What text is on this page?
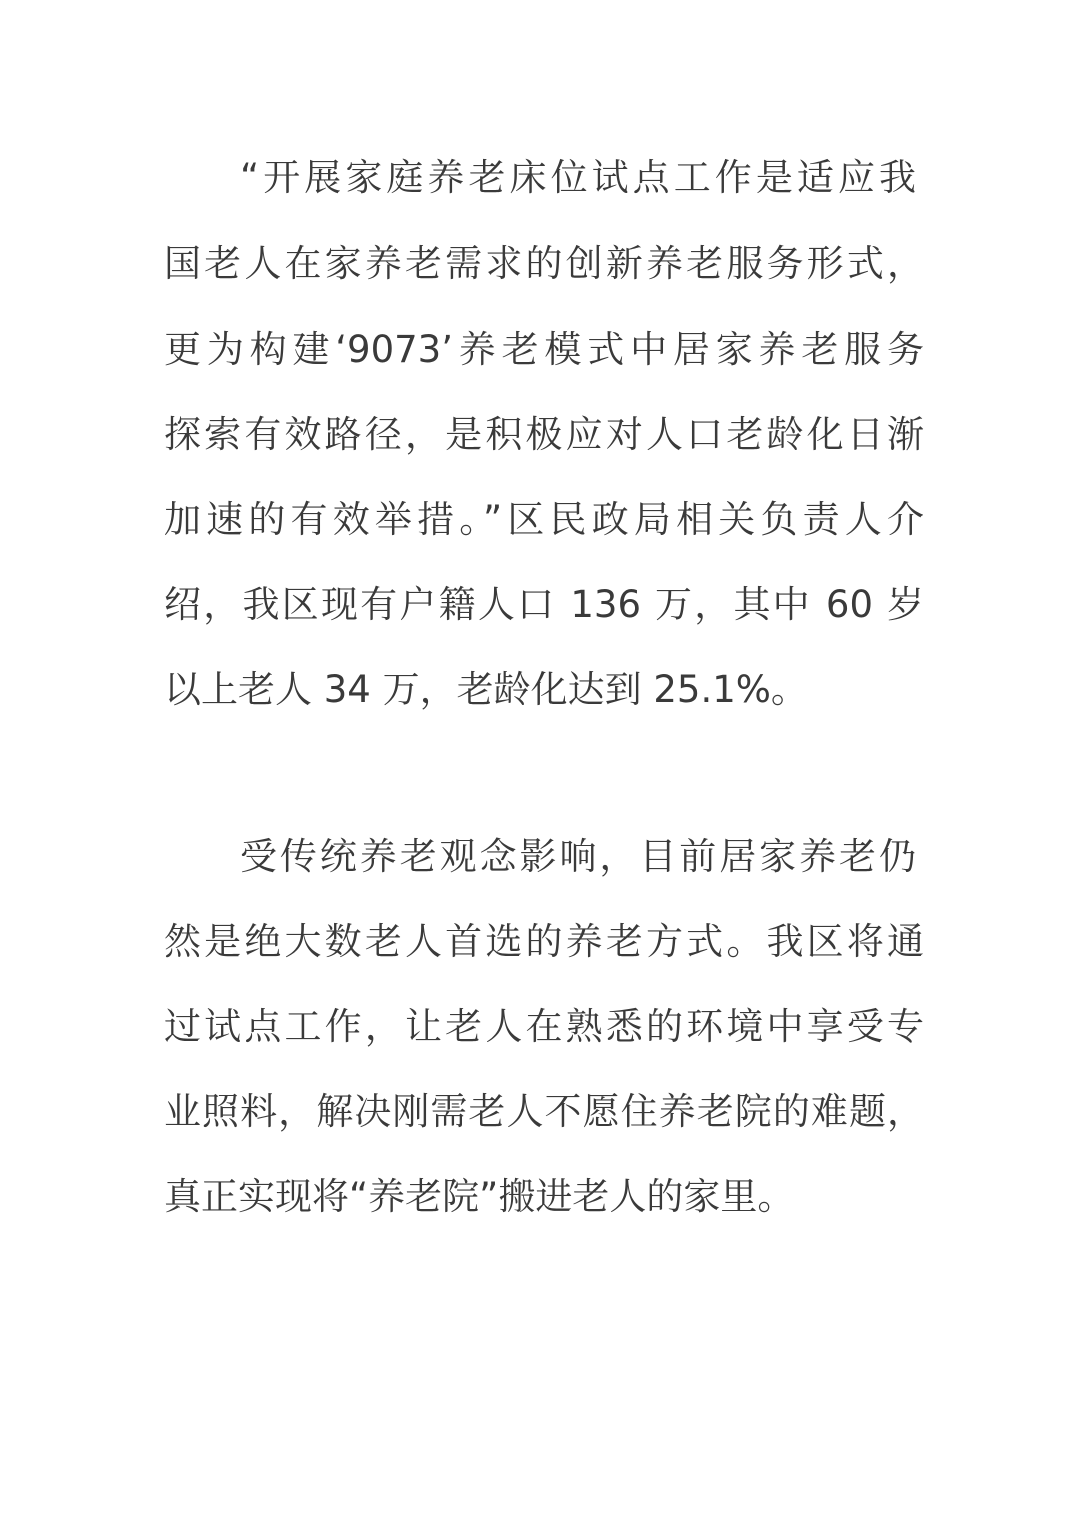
“开展家庭养老床位试点工作是适应我
国老人在家养老需求的创新养老服务形式，
更为构建‘9073’养老模式中居家养老服务
探索有效路径，是积极应对人口老龄化日渐
加速的有效举措。”区民政局相关负责人介
绍，我区现有户籍人口 136 万，其中 60 岁
以上老人 34 万，老龄化达到 25.1%。
受传统养老观念影响，目前居家养老仍
然是绝大数老人首选的养老方式。我区将通
过试点工作，让老人在熟悉的环境中享受专
业照料，解决刚需老人不愿住养老院的难题，
真正实现将“养老院”搬进老人的家里。
